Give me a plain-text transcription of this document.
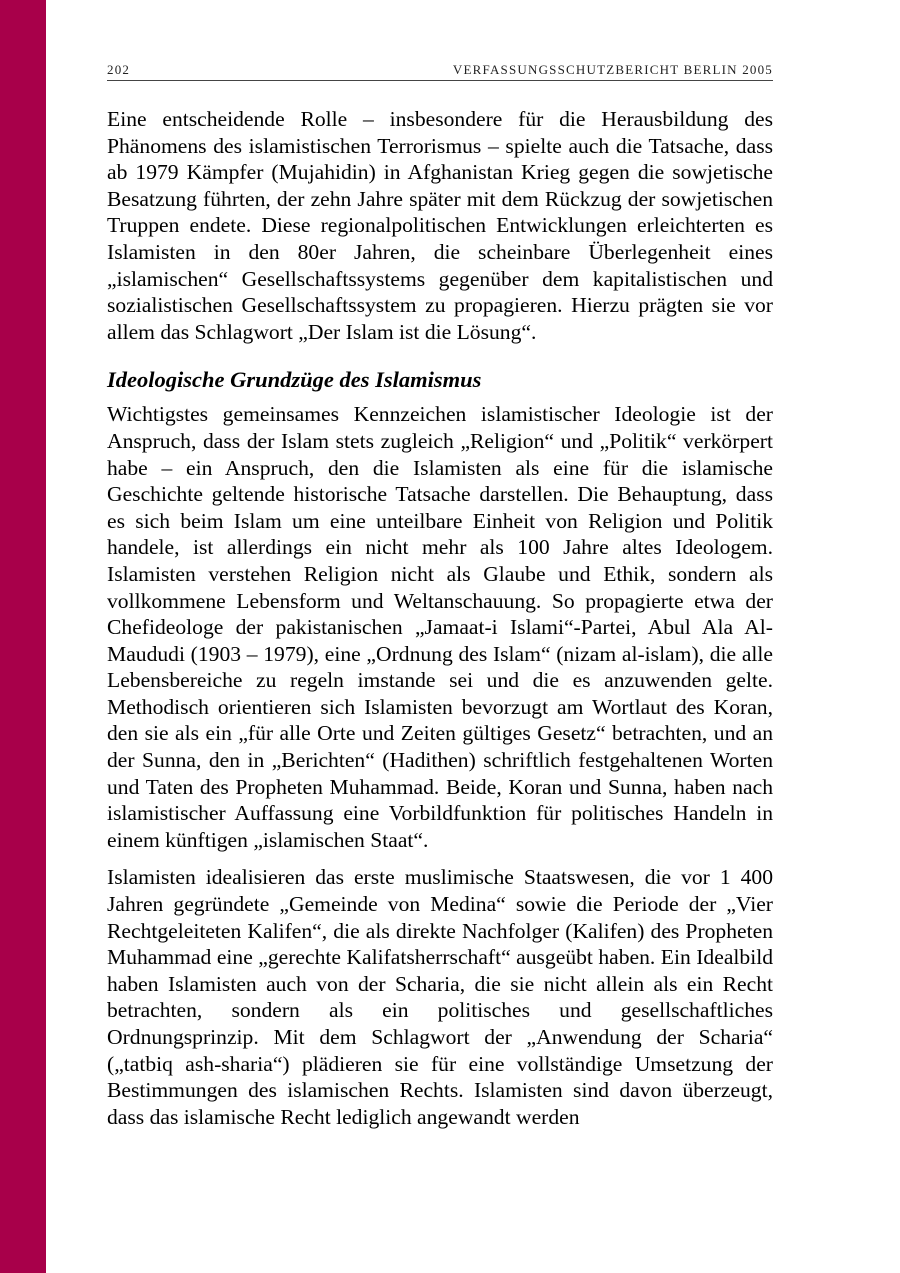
202	VERFASSUNGSSCHUTZBERICHT BERLIN 2005

Eine entscheidende Rolle – insbesondere für die Herausbildung des Phänomens des islamistischen Terrorismus – spielte auch die Tatsache, dass ab 1979 Kämpfer (Mujahidin) in Afghanistan Krieg gegen die sowjetische Besatzung führten, der zehn Jahre später mit dem Rückzug der sowjetischen Truppen endete. Diese regionalpolitischen Entwicklungen erleichterten es Islamisten in den 80er Jahren, die scheinbare Überlegenheit eines „islamischen“ Gesellschaftssystems gegenüber dem kapitalistischen und sozialistischen Gesellschaftssystem zu propagieren. Hierzu prägten sie vor allem das Schlagwort „Der Islam ist die Lösung“.

Ideologische Grundzüge des Islamismus

Wichtigstes gemeinsames Kennzeichen islamistischer Ideologie ist der Anspruch, dass der Islam stets zugleich „Religion“ und „Politik“ verkörpert habe – ein Anspruch, den die Islamisten als eine für die islamische Geschichte geltende historische Tatsache darstellen. Die Behauptung, dass es sich beim Islam um eine unteilbare Einheit von Religion und Politik handele, ist allerdings ein nicht mehr als 100 Jahre altes Ideologem. Islamisten verstehen Religion nicht als Glaube und Ethik, sondern als vollkommene Lebensform und Weltanschauung. So propagierte etwa der Chefideologe der pakistanischen „Jamaat-i Islami“-Partei, Abul Ala Al-Maududi (1903 – 1979), eine „Ordnung des Islam“ (nizam al-islam), die alle Lebensbereiche zu regeln imstande sei und die es anzuwenden gelte. Methodisch orientieren sich Islamisten bevorzugt am Wortlaut des Koran, den sie als ein „für alle Orte und Zeiten gültiges Gesetz“ betrachten, und an der Sunna, den in „Berichten“ (Hadithen) schriftlich festgehaltenen Worten und Taten des Propheten Muhammad. Beide, Koran und Sunna, haben nach islamistischer Auffassung eine Vorbildfunktion für politisches Handeln in einem künftigen „islamischen Staat“.

Islamisten idealisieren das erste muslimische Staatswesen, die vor 1 400 Jahren gegründete „Gemeinde von Medina“ sowie die Periode der „Vier Rechtgeleiteten Kalifen“, die als direkte Nachfolger (Kalifen) des Propheten Muhammad eine „gerechte Kalifatsherrschaft“ ausgeübt haben. Ein Idealbild haben Islamisten auch von der Scharia, die sie nicht allein als ein Recht betrachten, sondern als ein politisches und gesellschaftliches Ordnungsprinzip. Mit dem Schlagwort der „Anwendung der Scharia“ („tatbiq ash-sharia“) plädieren sie für eine vollständige Umsetzung der Bestimmungen des islamischen Rechts. Islamisten sind davon überzeugt, dass das islamische Recht lediglich angewandt werden
